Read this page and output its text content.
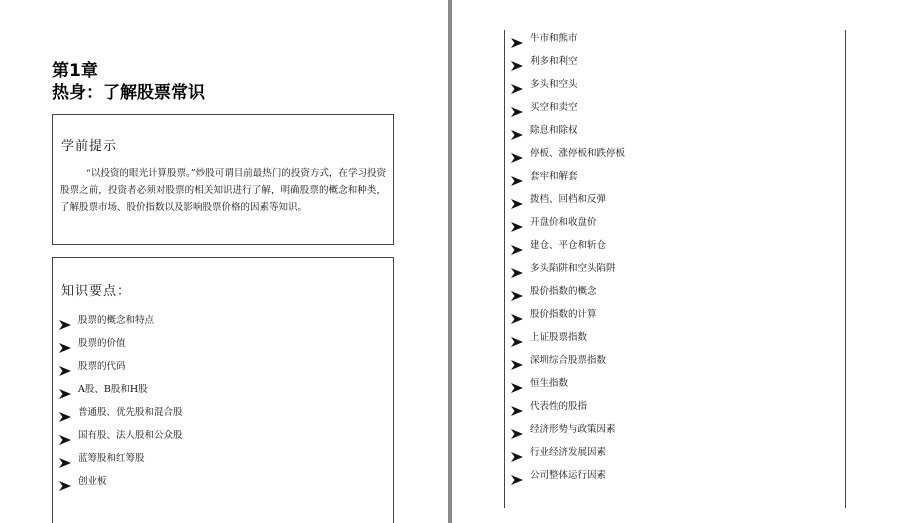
第1章
热身：了解股票常识
学前提示
“以投资的眼光计算股票。”炒股可谓目前最热门的投资方式，在学习投资股票之前，投资者必须对股票的相关知识进行了解，明确股票的概念和种类，了解股票市场、股价指数以及影响股票价格的因素等知识。
知识要点：
股票的概念和特点
股票的价值
股票的代码
A股、B股和H股
普通股、优先股和混合股
国有股、法人股和公众股
蓝筹股和红筹股
创业板
牛市和熊市
利多和利空
多头和空头
买空和卖空
除息和除权
停板、涨停板和跌停板
套牢和解套
拨档、回档和反弹
开盘价和收盘价
建仓、平仓和斩仓
多头陷阱和空头陷阱
股价指数的概念
股价指数的计算
上证股票指数
深圳综合股票指数
恒生指数
代表性的股指
经济形势与政策因素
行业经济发展因素
公司整体运行因素
